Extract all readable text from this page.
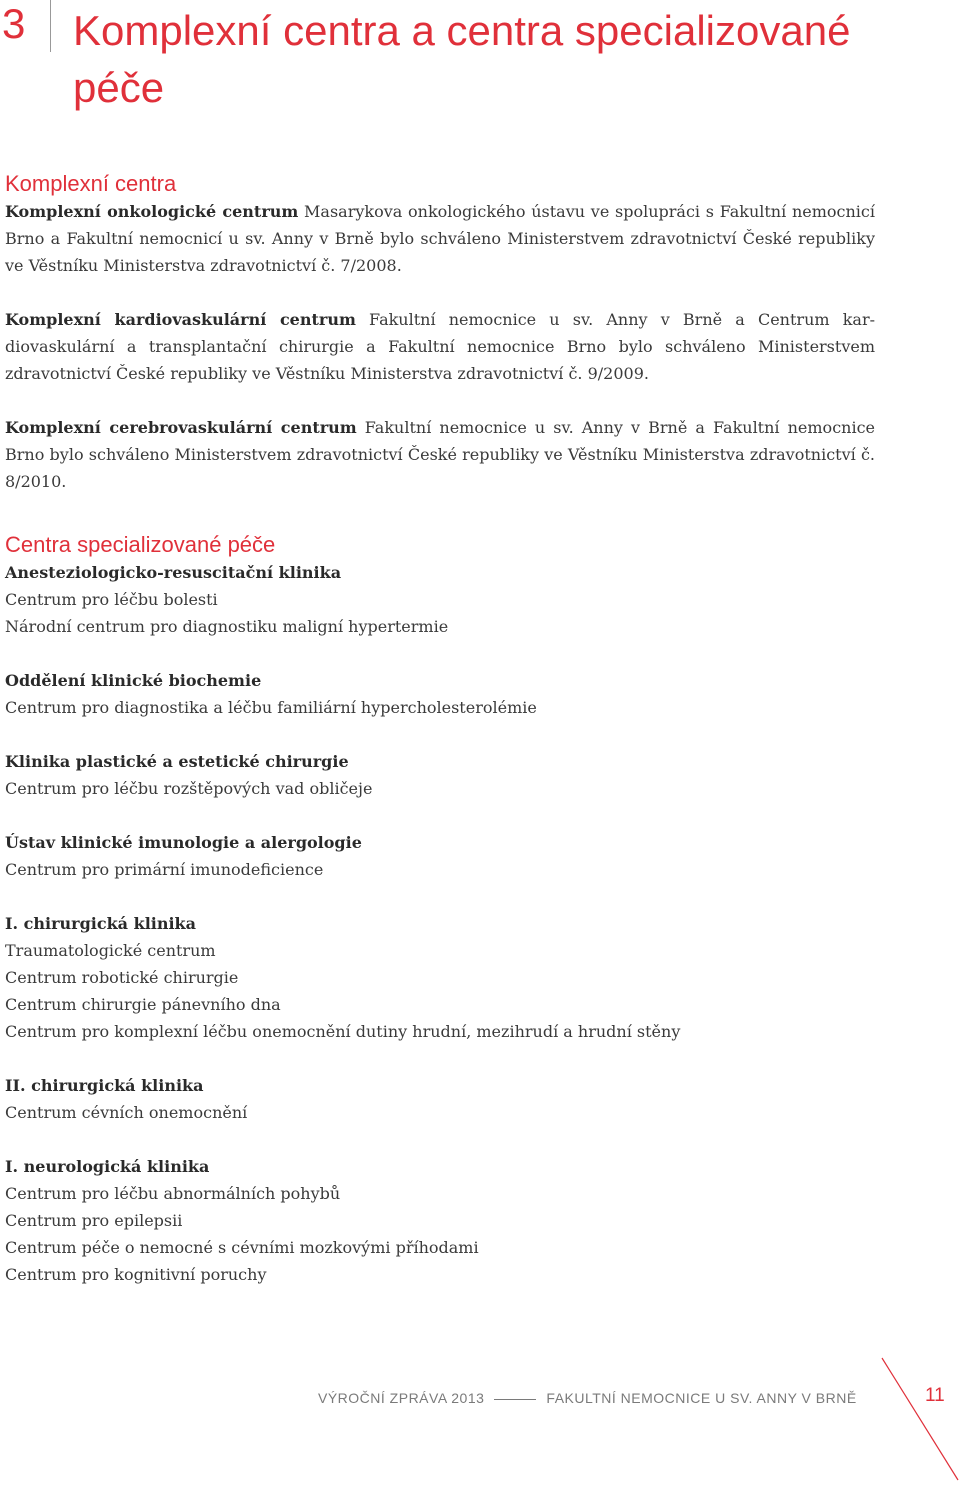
3 Komplexní centra a centra specializované péče
Komplexní centra

Komplexní onkologické centrum Masarykova onkologického ústavu ve spolupráci s Fakultní nemocnicí Brno a Fakultní nemocnicí u sv. Anny v Brně bylo schváleno Ministerstvem zdravotnictví České republiky ve Věstníku Ministerstva zdravotnictví č. 7/2008.

Komplexní kardiovaskulární centrum Fakultní nemocnice u sv. Anny v Brně a Centrum kardiovaskulární a transplantační chirurgie a Fakultní nemocnice Brno bylo schváleno Ministerstvem zdravotnictví České republiky ve Věstníku Ministerstva zdravotnictví č. 9/2009.

Komplexní cerebrovaskulární centrum Fakultní nemocnice u sv. Anny v Brně a Fakultní nemocnice Brno bylo schváleno Ministerstvem zdravotnictví České republiky ve Věstníku Ministerstva zdravotnictví č. 8/2010.

Centra specializované péče

Anesteziologicko-resuscitační klinika

Centrum pro léčbu bolesti

Národní centrum pro diagnostiku maligní hypertermie

Oddělení klinické biochemie

Centrum pro diagnostika a léčbu familiární hypercholesterolémie

Klinika plastické a estetické chirurgie

Centrum pro léčbu rozštěpových vad obličeje

Ústav klinické imunologie a alergologie

Centrum pro primární imunodeficience

I. chirurgická klinika

Traumatologické centrum

Centrum robotické chirurgie

Centrum chirurgie pánevního dna

Centrum pro komplexní léčbu onemocnění dutiny hrudní, mezihrudí a hrudní stěny

II. chirurgická klinika

Centrum cévních onemocnění

I. neurologická klinika

Centrum pro léčbu abnormálních pohybů

Centrum pro epilepsii

Centrum péče o nemocné s cévními mozkovými příhodami

Centrum pro kognitivní poruchy

VÝROČNÍ ZPRÁVA 2013	FAKULTNÍ NEMOCNICE U SV. ANNY V BRNĚ	11
